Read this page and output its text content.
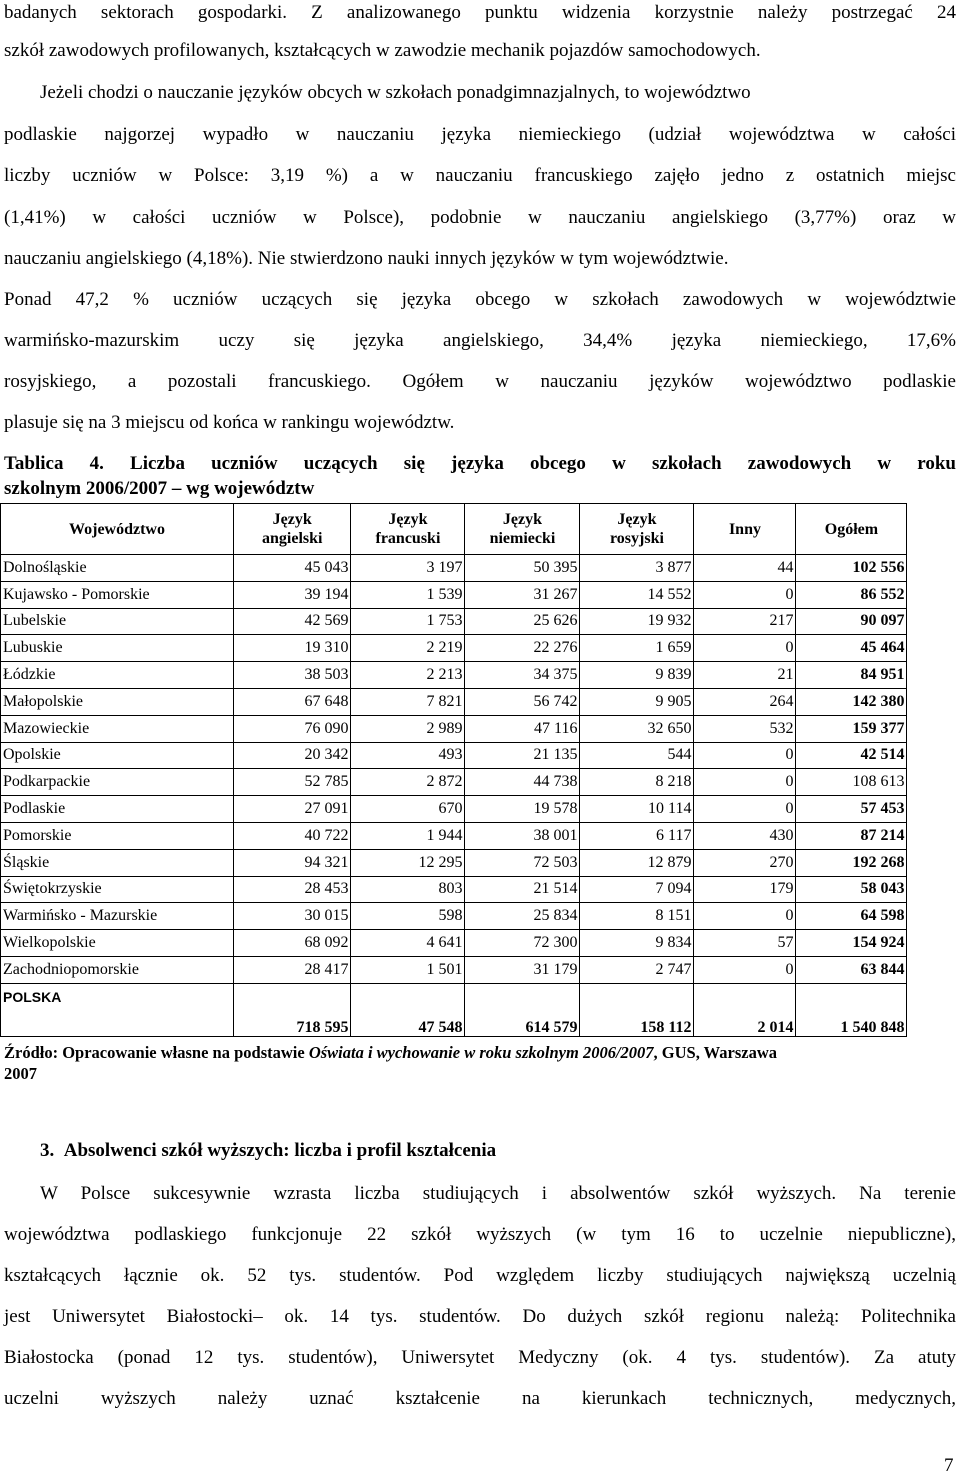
badanych sektorach gospodarki. Z analizowanego punktu widzenia korzystnie należy postrzegać 24
szkół zawodowych profilowanych, kształcących w zawodzie mechanik pojazdów samochodowych.
Jeżeli chodzi o nauczanie języków obcych w szkołach ponadgimnazjalnych, to województwo
podlaskie najgorzej wypadło w nauczaniu języka niemieckiego (udział województwa w całości
liczby uczniów w Polsce: 3,19 %) a w nauczaniu francuskiego zajęło jedno z ostatnich miejsc
(1,41%) w całości uczniów w Polsce), podobnie w nauczaniu angielskiego (3,77%) oraz w
nauczaniu angielskiego (4,18%). Nie stwierdzono nauki innych języków w tym województwie.
Ponad 47,2 % uczniów uczących się języka obcego w szkołach zawodowych w województwie
warmińsko-mazurskim uczy się języka angielskiego, 34,4% języka niemieckiego, 17,6%
rosyjskiego, a pozostali francuskiego. Ogółem w nauczaniu języków województwo podlaskie
plasuje się na 3 miejscu od końca w rankingu województw.
Tablica 4. Liczba uczniów uczących się języka obcego w szkołach zawodowych w roku
szkolnym 2006/2007 – wg województw
Województwo	Język angielski	Język francuski	Język niemiecki	Język rosyjski	Inny	Ogółem
Dolnośląskie	45 043	3 197	50 395	3 877	44	102 556
Kujawsko - Pomorskie	39 194	1 539	31 267	14 552	0	86 552
Lubelskie	42 569	1 753	25 626	19 932	217	90 097
Lubuskie	19 310	2 219	22 276	1 659	0	45 464
Łódzkie	38 503	2 213	34 375	9 839	21	84 951
Małopolskie	67 648	7 821	56 742	9 905	264	142 380
Mazowieckie	76 090	2 989	47 116	32 650	532	159 377
Opolskie	20 342	493	21 135	544	0	42 514
Podkarpackie	52 785	2 872	44 738	8 218	0	108 613
Podlaskie	27 091	670	19 578	10 114	0	57 453
Pomorskie	40 722	1 944	38 001	6 117	430	87 214
Śląskie	94 321	12 295	72 503	12 879	270	192 268
Świętokrzyskie	28 453	803	21 514	7 094	179	58 043
Warmińsko - Mazurskie	30 015	598	25 834	8 151	0	64 598
Wielkopolskie	68 092	4 641	72 300	9 834	57	154 924
Zachodniopomorskie	28 417	1 501	31 179	2 747	0	63 844
POLSKA	718 595	47 548	614 579	158 112	2 014	1 540 848
Źródło: Opracowanie własne na podstawie Oświata i wychowanie w roku szkolnym 2006/2007, GUS, Warszawa
2007
3. Absolwenci szkół wyższych: liczba i profil kształcenia
W Polsce sukcesywnie wzrasta liczba studiujących i absolwentów szkół wyższych. Na terenie
województwa podlaskiego funkcjonuje 22 szkół wyższych (w tym 16 to uczelnie niepubliczne),
kształcących łącznie ok. 52 tys. studentów. Pod względem liczby studiujących największą uczelnią
jest Uniwersytet Białostocki– ok. 14 tys. studentów. Do dużych szkół regionu należą: Politechnika
Białostocka (ponad 12 tys. studentów), Uniwersytet Medyczny (ok. 4 tys. studentów). Za atuty
uczelni wyższych należy uznać kształcenie na kierunkach technicznych, medycznych,
7
